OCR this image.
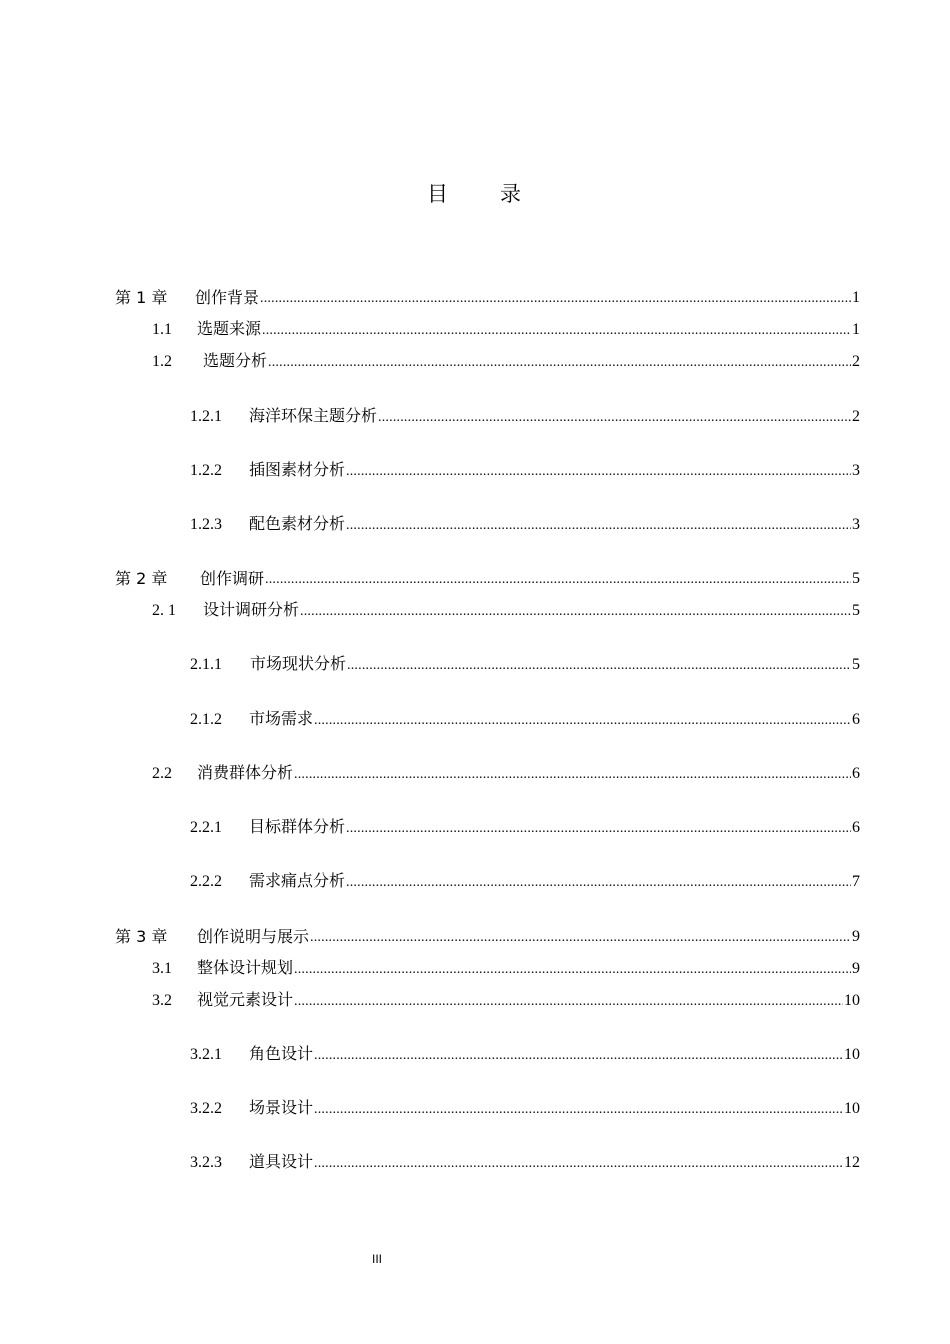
目 录
第 1 章	创作背景 .....	1
1.1	选题来源 .....	1
1.2	选题分析 .....	2
1.2.1	海洋环保主题分析 .....	2
1.2.2	插图素材分析 .....	3
1.2.3	配色素材分析 .....	3
第 2 章	创作调研 .....	5
2. 1	设计调研分析 .....	5
2.1.1	市场现状分析 .....	5
2.1.2	市场需求 .....	6
2.2	消费群体分析 .....	6
2.2.1	目标群体分析 .....	6
2.2.2	需求痛点分析 .....	7
第 3 章	创作说明与展示 .....	9
3.1	整体设计规划 .....	9
3.2	视觉元素设计 .....	10
3.2.1	角色设计 .....	10
3.2.2	场景设计 .....	10
3.2.3	道具设计 .....	12
III
